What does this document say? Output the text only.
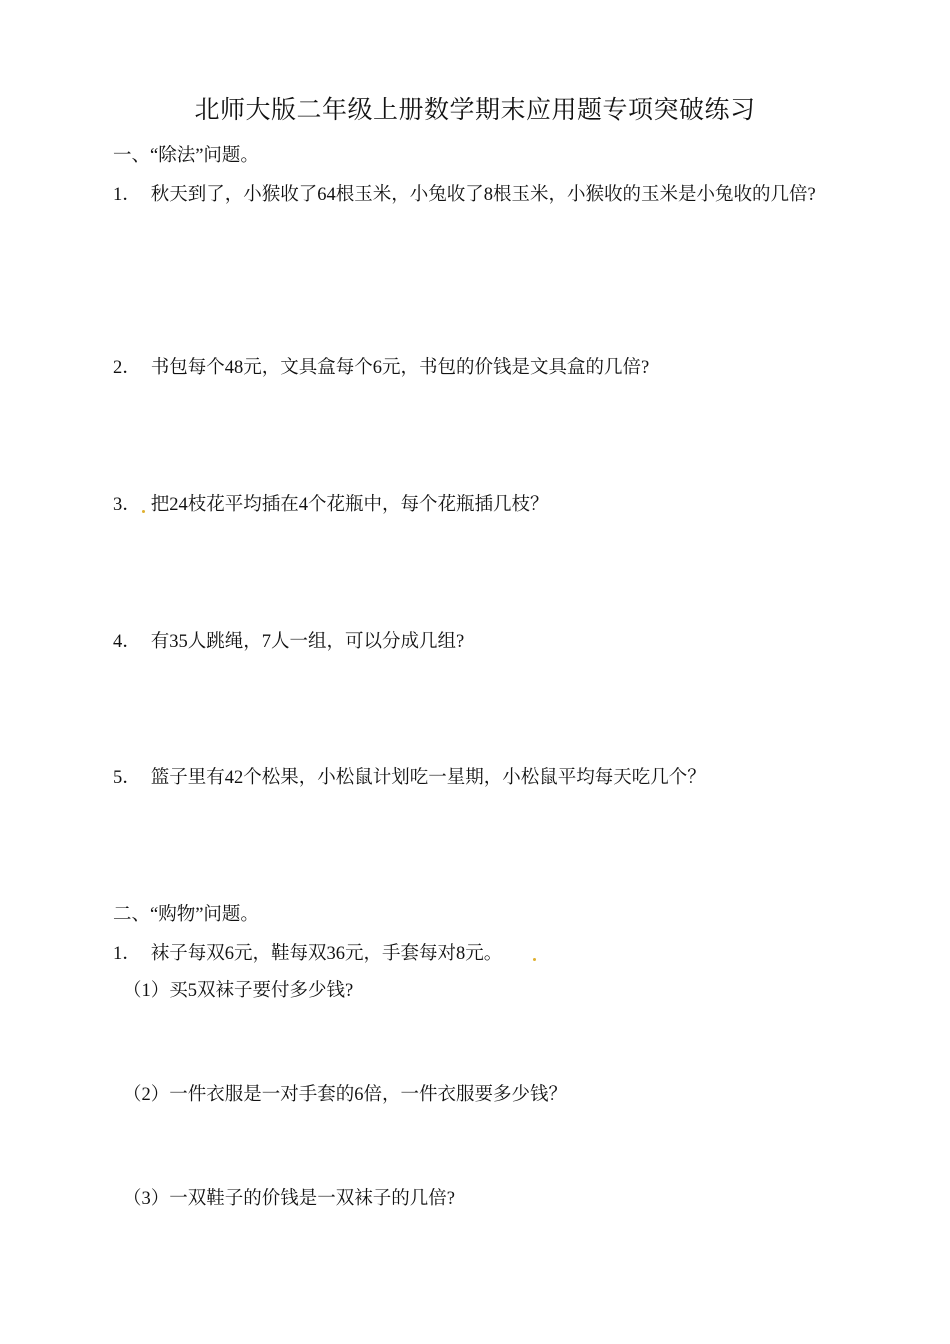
北师大版二年级上册数学期末应用题专项突破练习
一、“除法”问题。
1． 秋天到了，小猴收了64根玉米，小兔收了8根玉米，小猴收的玉米是小兔收的几倍?
2． 书包每个48元，文具盒每个6元，书包的价钱是文具盒的几倍?
3． 把24枝花平均插在4个花瓶中，每个花瓶插几枝？
4． 有35人跳绳，7人一组，可以分成几组?
5． 篮子里有42个松果，小松鼠计划吃一星期，小松鼠平均每天吃几个？
二、“购物”问题。
1． 袜子每双6元，鞋每双36元，手套每对8元。
（1）买5双袜子要付多少钱?
（2）一件衣服是一对手套的6倍，一件衣服要多少钱？
（3）一双鞋子的价钱是一双袜子的几倍?
